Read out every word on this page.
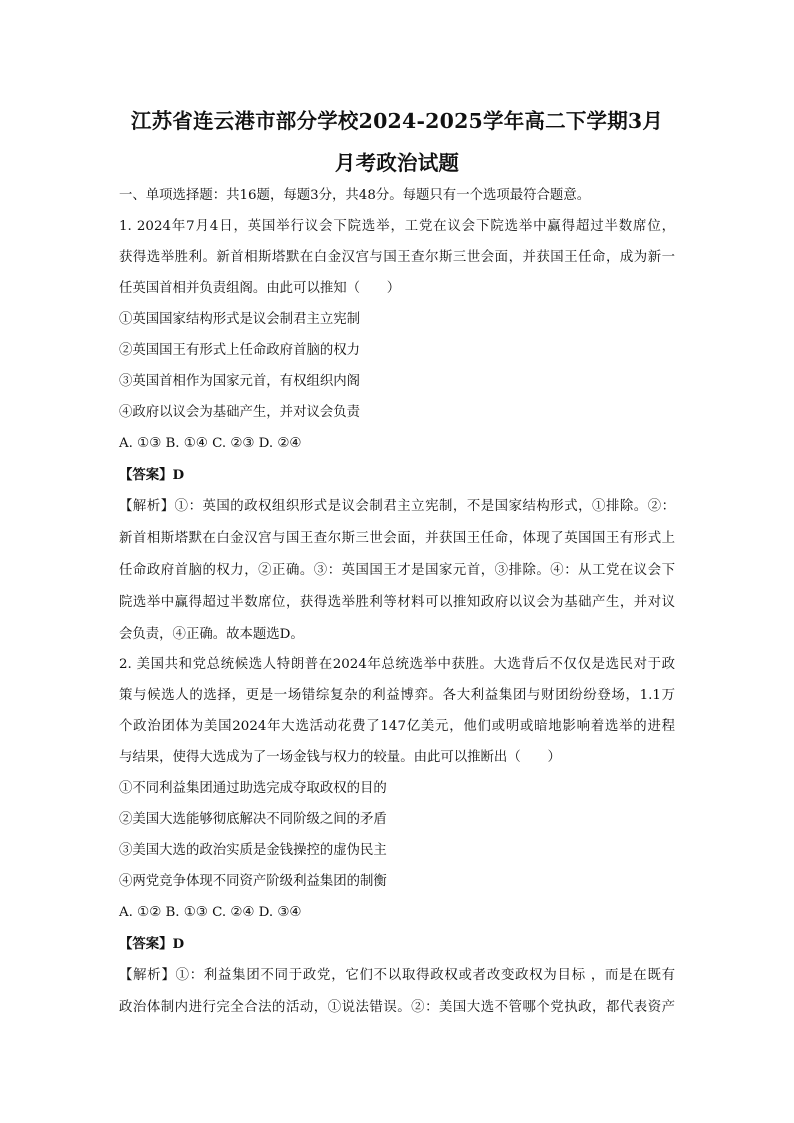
江苏省连云港市部分学校2024-2025学年高二下学期3月
月考政治试题
一、单项选择题：共16题，每题3分，共48分。每题只有一个选项最符合题意。
1. 2024年7月4日，英国举行议会下院选举，工党在议会下院选举中赢得超过半数席位，
获得选举胜利。新首相斯塔默在白金汉宫与国王查尔斯三世会面，并获国王任命，成为新一
任英国首相并负责组阁。由此可以推知（　　）
①英国国家结构形式是议会制君主立宪制
②英国国王有形式上任命政府首脑的权力
③英国首相作为国家元首，有权组织内阁
④政府以议会为基础产生，并对议会负责
A. ①③ B. ①④ C. ②③ D. ②④
【答案】D
【解析】①：英国的政权组织形式是议会制君主立宪制，不是国家结构形式，①排除。②：
新首相斯塔默在白金汉宫与国王查尔斯三世会面，并获国王任命，体现了英国国王有形式上
任命政府首脑的权力，②正确。③：英国国王才是国家元首，③排除。④：从工党在议会下
院选举中赢得超过半数席位，获得选举胜利等材料可以推知政府以议会为基础产生，并对议
会负责，④正确。故本题选D。
2. 美国共和党总统候选人特朗普在2024年总统选举中获胜。大选背后不仅仅是选民对于政
策与候选人的选择，更是一场错综复杂的利益博弈。各大利益集团与财团纷纷登场，1.1万
个政治团体为美国2024年大选活动花费了147亿美元，他们或明或暗地影响着选举的进程
与结果，使得大选成为了一场金钱与权力的较量。由此可以推断出（　　）
①不同利益集团通过助选完成夺取政权的目的
②美国大选能够彻底解决不同阶级之间的矛盾
③美国大选的政治实质是金钱操控的虚伪民主
④两党竞争体现不同资产阶级利益集团的制衡
A. ①② B. ①③ C. ②④ D. ③④
【答案】D
【解析】①：利益集团不同于政党，它们不以取得政权或者改变政权为目标 ，而是在既有
政治体制内进行完全合法的活动，①说法错误。②：美国大选不管哪个党执政，都代表资产
